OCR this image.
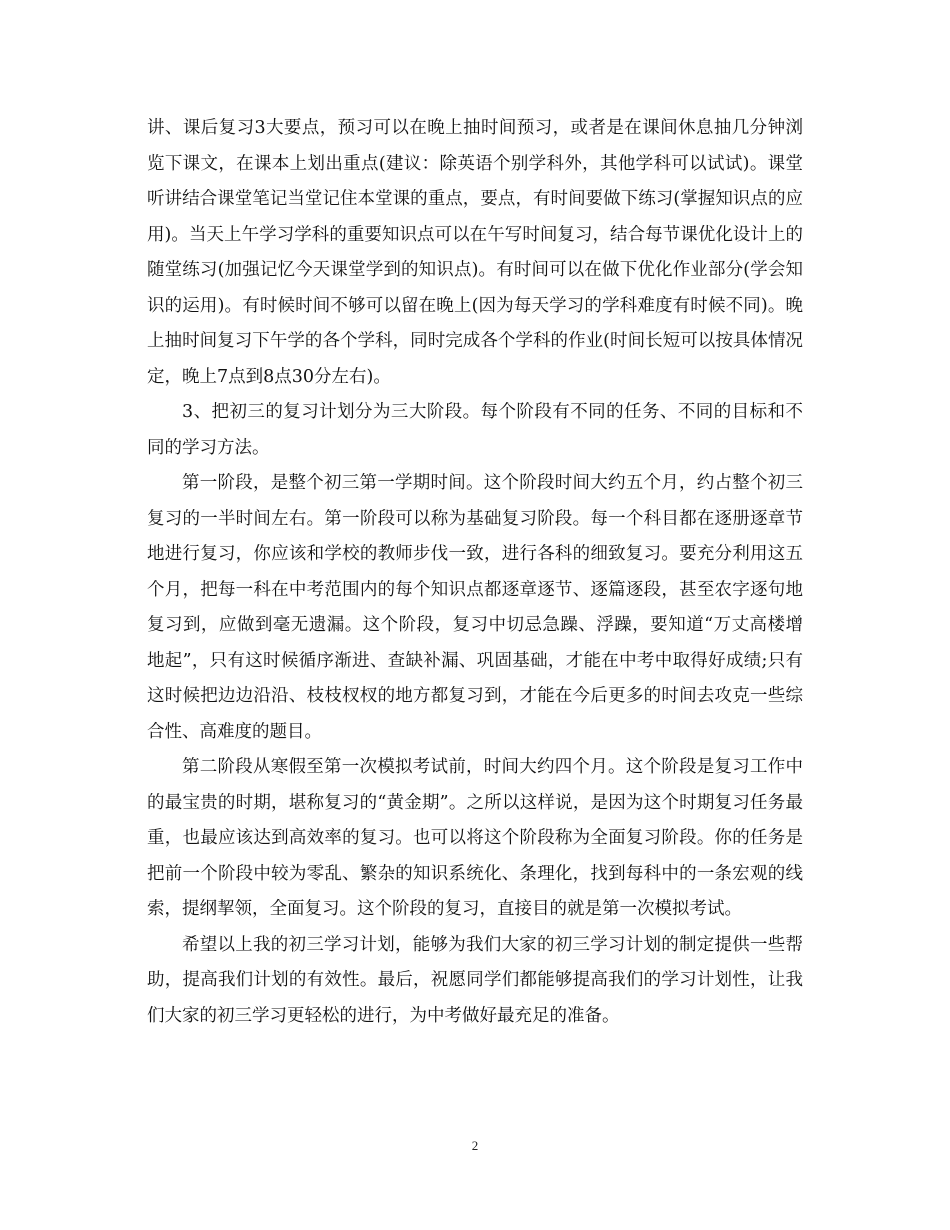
讲、课后复习3大要点，预习可以在晚上抽时间预习，或者是在课间休息抽几分钟浏览下课文，在课本上划出重点(建议：除英语个别学科外，其他学科可以试试)。课堂听讲结合课堂笔记当堂记住本堂课的重点，要点，有时间要做下练习(掌握知识点的应用)。当天上午学习学科的重要知识点可以在午写时间复习，结合每节课优化设计上的随堂练习(加强记忆今天课堂学到的知识点)。有时间可以在做下优化作业部分(学会知识的运用)。有时候时间不够可以留在晚上(因为每天学习的学科难度有时候不同)。晚上抽时间复习下午学的各个学科，同时完成各个学科的作业(时间长短可以按具体情况定，晚上7点到8点30分左右)。

3、把初三的复习计划分为三大阶段。每个阶段有不同的任务、不同的目标和不同的学习方法。

第一阶段，是整个初三第一学期时间。这个阶段时间大约五个月，约占整个初三复习的一半时间左右。第一阶段可以称为基础复习阶段。每一个科目都在逐册逐章节地进行复习，你应该和学校的教师步伐一致，进行各科的细致复习。要充分利用这五个月，把每一科在中考范围内的每个知识点都逐章逐节、逐篇逐段，甚至农字逐句地复习到，应做到毫无遗漏。这个阶段，复习中切忌急躁、浮躁，要知道“万丈高楼增地起”，只有这时候循序渐进、查缺补漏、巩固基础，才能在中考中取得好成绩;只有这时候把边边沿沿、枝枝杈杈的地方都复习到，才能在今后更多的时间去攻克一些综合性、高难度的题目。

第二阶段从寒假至第一次模拟考试前，时间大约四个月。这个阶段是复习工作中的最宝贵的时期，堪称复习的“黄金期”。之所以这样说，是因为这个时期复习任务最重，也最应该达到高效率的复习。也可以将这个阶段称为全面复习阶段。你的任务是把前一个阶段中较为零乱、繁杂的知识系统化、条理化，找到每科中的一条宏观的线索，提纲挈领，全面复习。这个阶段的复习，直接目的就是第一次模拟考试。

希望以上我的初三学习计划，能够为我们大家的初三学习计划的制定提供一些帮助，提高我们计划的有效性。最后，祝愿同学们都能够提高我们的学习计划性，让我们大家的初三学习更轻松的进行，为中考做好最充足的准备。

2
